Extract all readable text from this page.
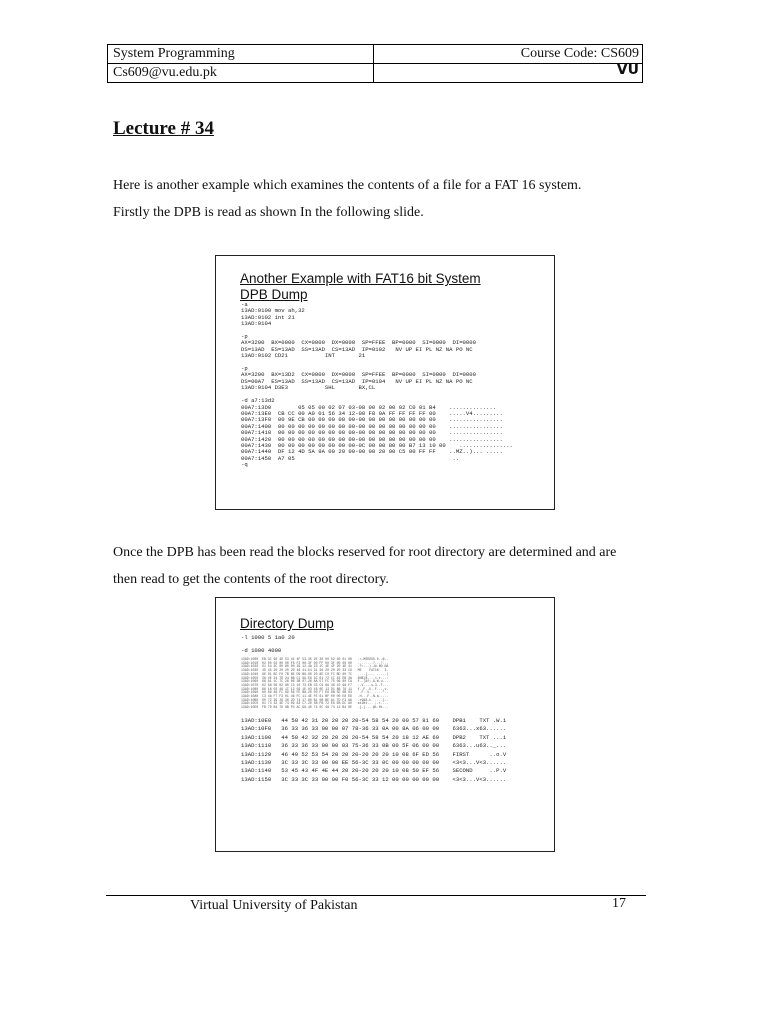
System Programming	Course Code: CS609
Cs609@vu.edu.pk	VU
Lecture # 34
Here is another example which examines the contents of a file for a FAT 16 system.
Firstly the DPB is read as shown In the following slide.
Another Example with FAT16 bit System
DPB Dump
-a
13AD:0100 mov ah,32
13AD:0102 int 21
13AD:0104

-p
AX=3200  BX=0000  CX=0000  DX=0000  SP=FFEE  BP=0000  SI=0000  DI=0000
DS=13AD  ES=13AD  SS=13AD  CS=13AD  IP=0102   NV UP EI PL NZ NA PO NC
13AD:0102 CD21           INT       21

-p
AX=3200  BX=13D2  CX=0000  DX=0000  SP=FFEE  BP=0000  SI=0000  DI=0000
DS=00A7  ES=13AD  SS=13AD  CS=13AD  IP=0104   NV UP EI PL NZ NA PO NC
13AD:0104 D3E3           SHL       BX,CL

-d a7:13d2
00A7:13D0        05 05 00 02 07 03-08 00 02 00 02 C0 01 B4    ..............
00A7:13E0  CB CC 00 A0 01 56 34 12-00 F8 0A FF FF FF FF 00    .....V4.........
00A7:13F0  00 9E CB 00 00 00 00 00-00 00 00 00 00 00 00 00    ................
00A7:1400  00 00 00 00 00 00 00 00-00 00 00 00 00 00 00 00    ................
00A7:1410  00 00 00 00 00 00 00 00-00 00 00 00 00 00 00 00    ................
00A7:1420  00 00 00 00 00 00 00 00-00 00 00 00 00 00 00 00    ................
00A7:1430  00 00 00 00 00 00 00 00-0C 00 00 80 00 B7 13 10 00    ................
00A7:1440  DF 12 4D 5A 9A 00 29 00-00 00 20 00 C5 00 FF FF    ..MZ..)... .....
00A7:1450  A7 05                                               ..
-q
Once the DPB has been read the blocks reserved for root directory are determined and are
then read to get the contents of the root directory.
Directory Dump
-l 1000 5 1a0 20

-d 1000 4000
13AD:1000  EB 3C 90 4D 53 44 4F 53-35 2E 30 00 02 40 01 00   .<.MSDOS5.0..@..
13AD:1010  02 00 02 00 00 F8 F2 00-3F 00 FF 00 3F 00 00 00   ........?...?...
13AD:1020  01 54 3C 00 80 00 29 12-4A 23 1C 4E 4F 20 4E 41   .T<...).J#.NO NA
13AD:1030  4D 45 20 20 20 20 46 41-54 31 36 20 20 20 33 C9   ME    FAT16   3.
13AD:1040  8E D1 BC F0 7B 8E D9 B8-00 20 8E C0 FC BD 00 7C   ....{.... .....|
13AD:1050  38 4E 24 7D 24 8B C1 99-E8 3C 01 72 1C 83 EB 3A   8N$}$....<.r...:
13AD:1060  66 A1 1C 7C 26 66 3B 07-26 8A 57 FC 75 06 80 CA   f..|&f;.&.W.u...
13AD:1070  02 88 56 02 80 C3 10 73-EB 33 C9 8A 46 10 98 F7   ..V....s.3..F...
13AD:1080  66 16 03 46 1C 13 56 1E-03 46 0E 13 D1 8B 76 11   f..F..V..F....v.
13AD:1090  60 89 46 FC 89 56 FE B8-20 00 F7 E6 8B 5E 0B 03   `.F..V.. ....^..
13AD:10A0  C3 48 F7 F3 01 46 FC 11-4E FE 61 BF 00 00 E8 E6   .H...F..N.a.....
13AD:10B0  00 72 39 26 38 2D 74 17-60 B1 0B BE A1 7D F3 A6   .r9&8-t.`....}..
13AD:10C0  61 74 32 4E 74 09 83 C7-20 3B FB 72 E6 EB DC A0   at2Nt... ;.r....
13AD:10D0  FB 7D B4 7D 8B F0 AC 98-40 74 0C 48 74 13 B4 0E   .}.}....@t.Ht...
13AD:10E0   44 50 42 31 20 20 20 20-54 58 54 20 00 57 81 69    DPB1    TXT .W.i
13AD:10F0   36 33 36 33 00 00 07 78-36 33 0A 00 8A 06 00 00    6363...x63......
13AD:1100   44 50 42 32 20 20 20 20-54 58 54 20 18 12 AE 69    DPB2    TXT ...i
13AD:1110   36 33 36 33 00 00 03 75-36 33 0B 00 5F 06 00 00    6363...u63.._...
13AD:1120   46 49 52 53 54 20 20 20-20 20 20 10 08 6F ED 56    FIRST      ..o.V
13AD:1130   3C 33 3C 33 00 00 EE 56-3C 33 0C 00 00 00 00 00    <3<3...V<3......
13AD:1140   53 45 43 4F 4E 44 20 20-20 20 20 10 08 50 EF 56    SECOND     ..P.V
13AD:1150   3C 33 3C 33 00 00 F0 56-3C 33 12 00 00 00 00 00    <3<3...V<3......
Virtual University of Pakistan	17
